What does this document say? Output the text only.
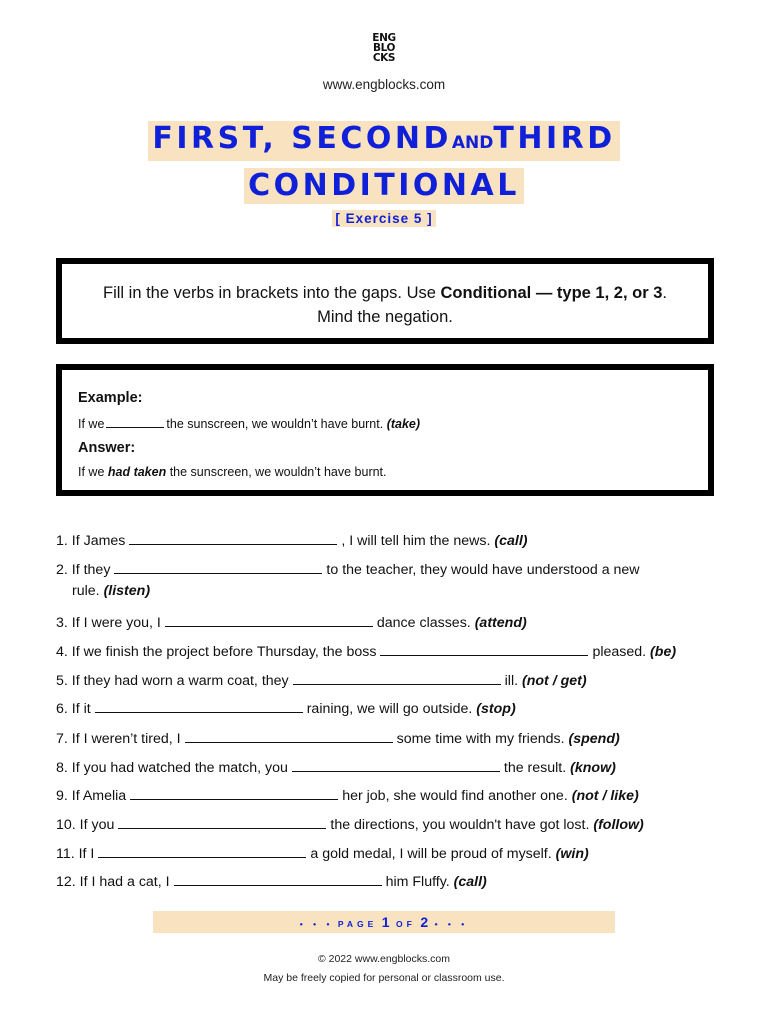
ENG
BLO
CKS
www.engblocks.com
FIRST, SECONDANDTHIRD
CONDITIONAL
[ Exercise 5 ]
Fill in the verbs in brackets into the gaps. Use Conditional — type 1, 2, or 3. Mind the negation.
Example:
If we	the sunscreen, we wouldn’t have burnt. (take)
Answer:
If we had taken the sunscreen, we wouldn’t have burnt.
1. If James	, I will tell him the news. (call)
2. If they	to the teacher, they would have understood a new
rule. (listen)
3. If I were you, I	dance classes. (attend)
4. If we finish the project before Thursday, the boss	pleased. (be)
5. If they had worn a warm coat, they	ill. (not / get)
6. If it	raining, we will go outside. (stop)
7. If I weren’t tired, I	some time with my friends. (spend)
8. If you had watched the match, you	the result. (know)
9. If Amelia	her job, she would find another one. (not / like)
10. If you	the directions, you wouldn't have got lost. (follow)
11. If I	a gold medal, I will be proud of myself. (win)
12. If I had a cat, I	him Fluffy. (call)
• • • PAGE 1 OF 2 • • •
© 2022 www.engblocks.com
May be freely copied for personal or classroom use.
